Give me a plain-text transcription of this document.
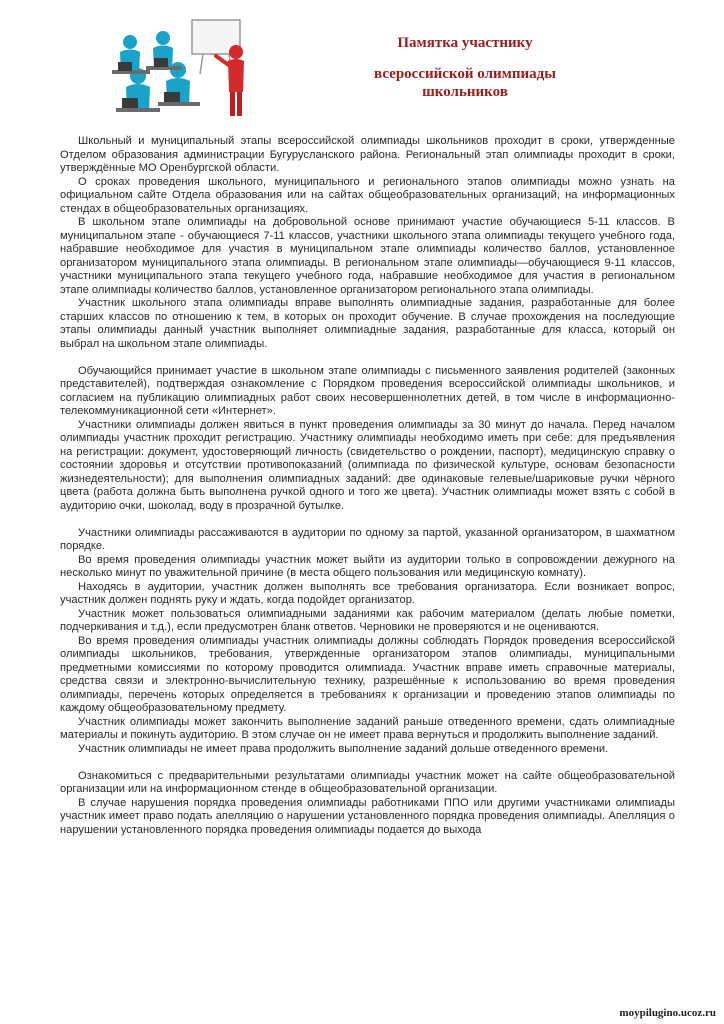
Памятка участнику
всероссийской олимпиады
школьников

Школьный и муниципальный этапы всероссийской олимпиады школьников проходит в сроки, утвержденные Отделом образования администрации Бугурусланского района. Региональный этап олимпиады проходит в сроки, утверждённые МО Оренбургской области.

О сроках проведения школьного, муниципального и регионального этапов олимпиады можно узнать на официальном сайте Отдела образования или на сайтах общеобразовательных организаций, на информационных стендах в общеобразовательных организациях.

В школьном этапе олимпиады на добровольной основе принимают участие обучающиеся 5-11 классов. В муниципальном этапе - обучающиеся 7-11 классов, участники школьного этапа олимпиады текущего учебного года, набравшие необходимое для участия в муниципальном этапе олимпиады количество баллов, установленное организатором муниципального этапа олимпиады. В региональном этапе олимпиады—обучающиеся 9-11 классов, участники муниципального этапа текущего учебного года, набравшие необходимое для участия в региональном этапе олимпиады количество баллов, установленное организатором регионального этапа олимпиады.

Участник школьного этапа олимпиады вправе выполнять олимпиадные задания, разработанные для более старших классов по отношению к тем, в которых он проходит обучение. В случае прохождения на последующие этапы олимпиады данный участник выполняет олимпиадные задания, разработанные для класса, который он выбрал на школьном этапе олимпиады.

Обучающийся принимает участие в школьном этапе олимпиады с письменного заявления родителей (законных представителей), подтверждая ознакомление с Порядком проведения всероссийской олимпиады школьников, и согласием на публикацию олимпиадных работ своих несовершеннолетних детей, в том числе в информационно-телекоммуникационной сети «Интернет».

Участники олимпиады должен явиться в пункт проведения олимпиады за 30 минут до начала. Перед началом олимпиады участник проходит регистрацию. Участнику олимпиады необходимо иметь при себе: для предъявления на регистрации: документ, удостоверяющий личность (свидетельство о рождении, паспорт), медицинскую справку о состоянии здоровья и отсутствии противопоказаний (олимпиада по физической культуре, основам безопасности жизнедеятельности); для выполнения олимпиадных заданий: две одинаковые гелевые/шариковые ручки чёрного цвета (работа должна быть выполнена ручкой одного и того же цвета). Участник олимпиады может взять с собой в аудиторию очки, шоколад, воду в прозрачной бутылке.

Участники олимпиады рассаживаются в аудитории по одному за партой, указанной организатором, в шахматном порядке.

Во время проведения олимпиады участник может выйти из аудитории только в сопровождении дежурного на несколько минут по уважительной причине (в места общего пользования или медицинскую комнату).

Находясь в аудитории, участник должен выполнять все требования организатора. Если возникает вопрос, участник должен поднять руку и ждать, когда подойдет организатор.

Участник может пользоваться олимпиадными заданиями как рабочим материалом (делать любые пометки, подчеркивания и т.д.), если предусмотрен бланк ответов. Черновики не проверяются и не оцениваются.

Во время проведения олимпиады участник олимпиады должны соблюдать Порядок проведения всероссийской олимпиады школьников, требования, утвержденные организатором этапов олимпиады, муниципальными предметными комиссиями по которому проводится олимпиада. Участник вправе иметь справочные материалы, средства связи и электронно-вычислительную технику, разрешённые к использованию во время проведения олимпиады, перечень которых определяется в требованиях к организации и проведению этапов олимпиады по каждому общеобразовательному предмету.

Участник олимпиады может закончить выполнение заданий раньше отведенного времени, сдать олимпиадные материалы и покинуть аудиторию. В этом случае он не имеет права вернуться и продолжить выполнение заданий.

Участник олимпиады не имеет права продолжить выполнение заданий дольше отведенного времени.

Ознакомиться с предварительными результатами олимпиады участник может на сайте общеобразовательной организации или на информационном стенде в общеобразовательной организации.

В случае нарушения порядка проведения олимпиады работниками ППО или другими участниками олимпиады участник имеет право подать апелляцию о нарушении установленного порядка проведения олимпиады. Апелляция о нарушении установленного порядка проведения олимпиады подается до выхода

moypilugino.ucoz.ru
